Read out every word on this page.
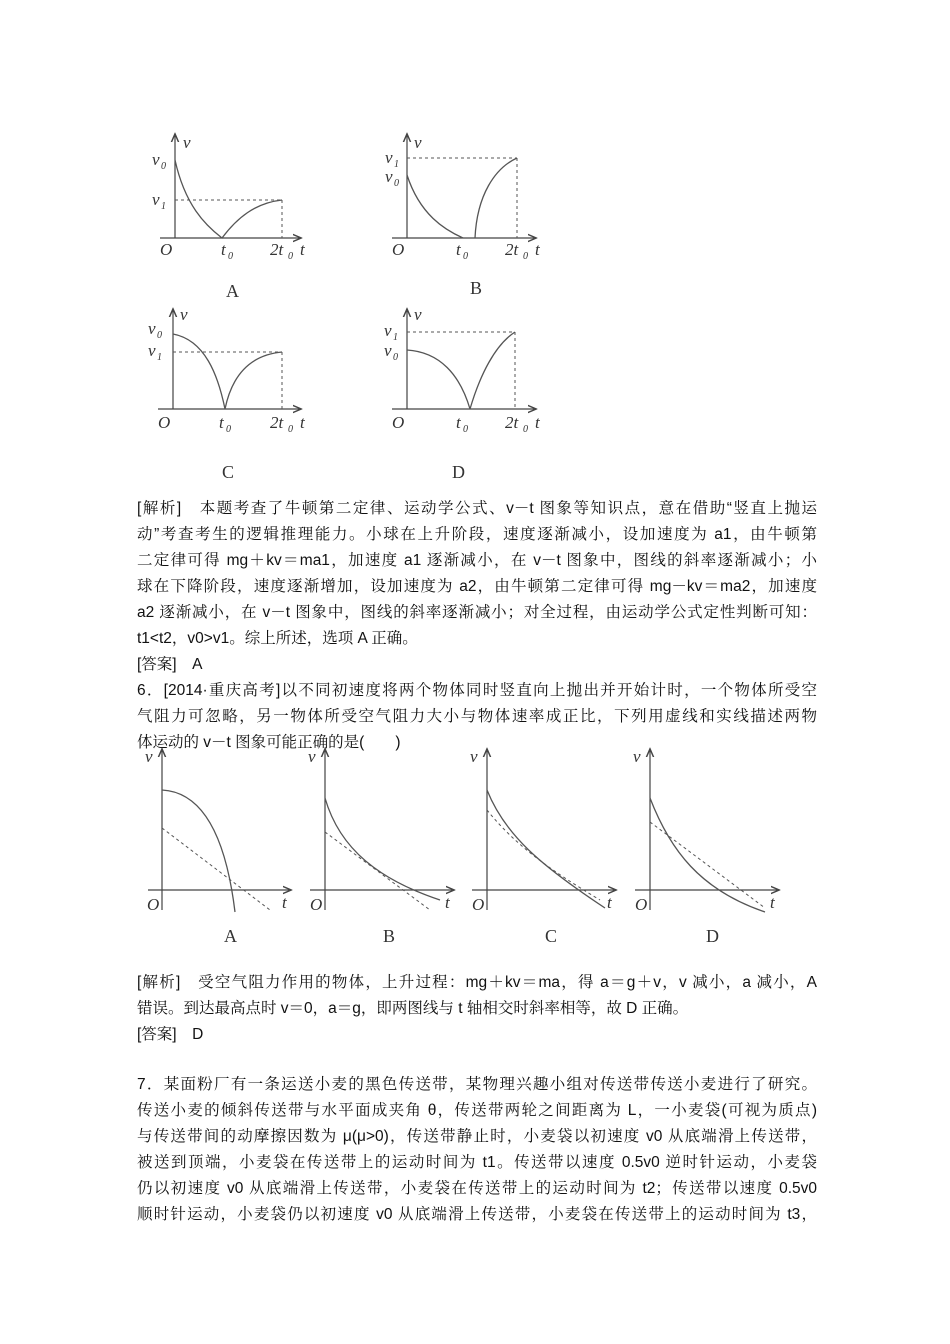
v
v 0
v 1
O	t 0 2t 0 t
A
v
v 1
v 0
O	t 0 2t 0 t
B
v
v 0
v 1
O	t 0 2t 0 t
C
v
v 1
v 0
O	t 0 2t 0 t
D

[解析]　本题考查了牛顿第二定律、运动学公式、v－t 图象等知识点，意在借助“竖直上抛运

动”考查考生的逻辑推理能力。小球在上升阶段，速度逐渐减小，设加速度为 a1，由牛顿第

二定律可得 mg＋kv＝ma1，加速度 a1 逐渐减小，在 v－t 图象中，图线的斜率逐渐减小；小

球在下降阶段，速度逐渐增加，设加速度为 a2，由牛顿第二定律可得 mg－kv＝ma2，加速度

a2 逐渐减小，在 v－t 图象中，图线的斜率逐渐减小；对全过程，由运动学公式定性判断可知：

t1<t2，v0>v1。综上所述，选项 A 正确。

[答案]　A

6．[2014·重庆高考]以不同初速度将两个物体同时竖直向上抛出并开始计时，一个物体所受空

气阻力可忽略，另一物体所受空气阻力大小与物体速率成正比，下列用虚线和实线描述两物

体运动的 v－t 图象可能正确的是(　　)

v
O	t
A
v
O	t
B
v
O	t
C
v
O	t
D

[解析]　受空气阻力作用的物体，上升过程：mg＋kv＝ma，得 a＝g＋v，v 减小，a 减小，A

错误。到达最高点时 v＝0，a＝g，即两图线与 t 轴相交时斜率相等，故 D 正确。

[答案]　D

7．某面粉厂有一条运送小麦的黑色传送带，某物理兴趣小组对传送带传送小麦进行了研究。

传送小麦的倾斜传送带与水平面成夹角 θ，传送带两轮之间距离为 L，一小麦袋(可视为质点)

与传送带间的动摩擦因数为 μ(μ>0)，传送带静止时，小麦袋以初速度 v0 从底端滑上传送带，

被送到顶端，小麦袋在传送带上的运动时间为 t1。传送带以速度 0.5v0 逆时针运动，小麦袋

仍以初速度 v0 从底端滑上传送带，小麦袋在传送带上的运动时间为 t2；传送带以速度 0.5v0

顺时针运动，小麦袋仍以初速度 v0 从底端滑上传送带，小麦袋在传送带上的运动时间为 t3，
